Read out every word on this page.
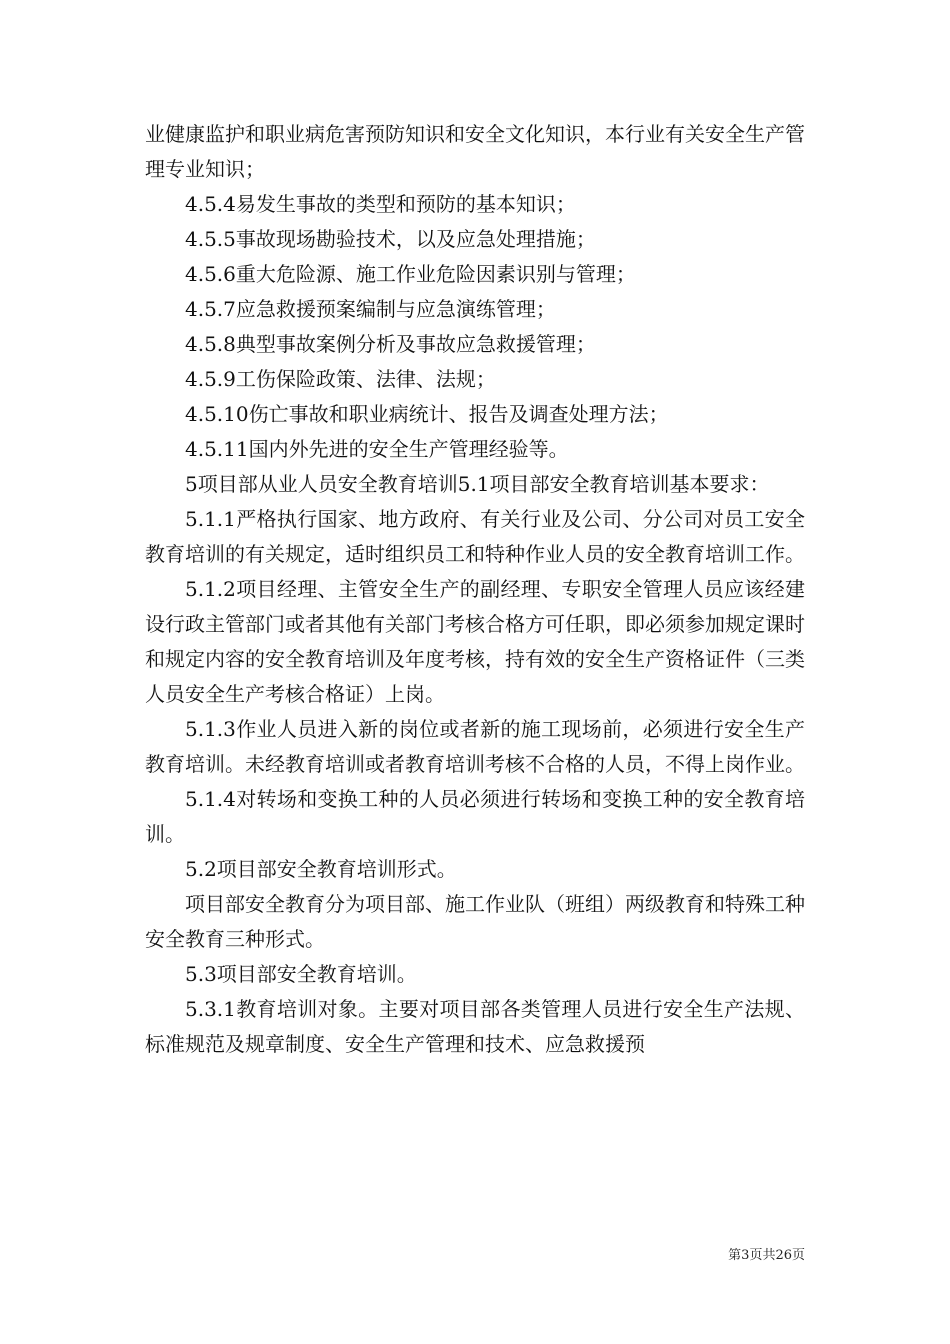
业健康监护和职业病危害预防知识和安全文化知识，本行业有关安全生产管理专业知识；

4.5.4易发生事故的类型和预防的基本知识；

4.5.5事故现场勘验技术，以及应急处理措施；

4.5.6重大危险源、施工作业危险因素识别与管理；

4.5.7应急救援预案编制与应急演练管理；

4.5.8典型事故案例分析及事故应急救援管理；

4.5.9工伤保险政策、法律、法规；

4.5.10伤亡事故和职业病统计、报告及调查处理方法；

4.5.11国内外先进的安全生产管理经验等。

5项目部从业人员安全教育培训5.1项目部安全教育培训基本要求：

5.1.1严格执行国家、地方政府、有关行业及公司、分公司对员工安全教育培训的有关规定，适时组织员工和特种作业人员的安全教育培训工作。

5.1.2项目经理、主管安全生产的副经理、专职安全管理人员应该经建设行政主管部门或者其他有关部门考核合格方可任职，即必须参加规定课时和规定内容的安全教育培训及年度考核，持有效的安全生产资格证件（三类人员安全生产考核合格证）上岗。

5.1.3作业人员进入新的岗位或者新的施工现场前，必须进行安全生产教育培训。未经教育培训或者教育培训考核不合格的人员，不得上岗作业。

5.1.4对转场和变换工种的人员必须进行转场和变换工种的安全教育培训。

5.2项目部安全教育培训形式。

项目部安全教育分为项目部、施工作业队（班组）两级教育和特殊工种安全教育三种形式。

5.3项目部安全教育培训。

5.3.1教育培训对象。主要对项目部各类管理人员进行安全生产法规、标准规范及规章制度、安全生产管理和技术、应急救援预

第3页共26页
